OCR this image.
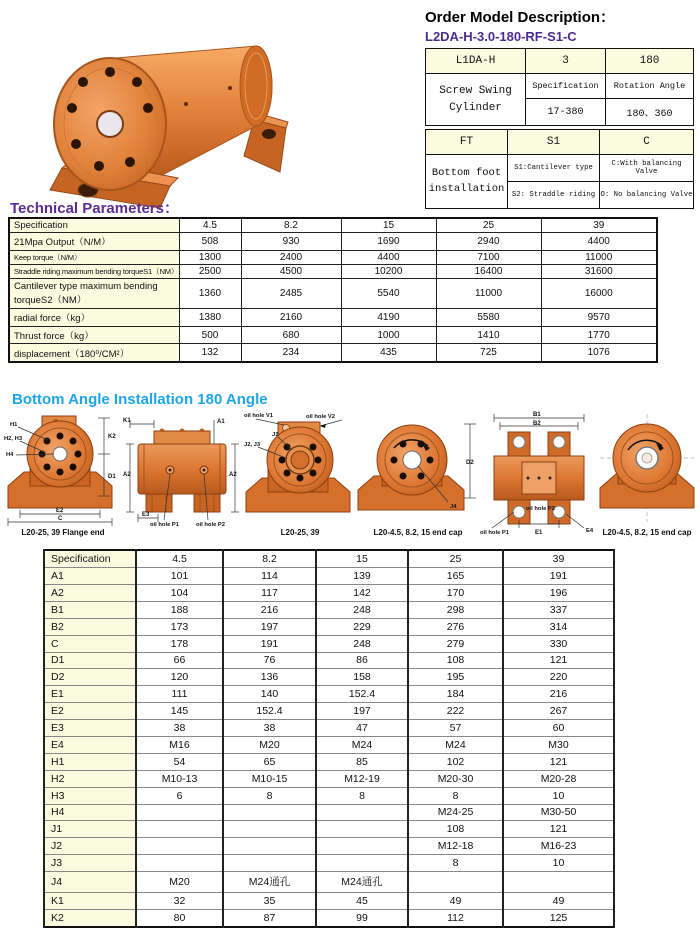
Order Model Description：
L2DA-H-3.0-180-RF-S1-C
L1DA-H	3	180
Screw Swing Cylinder	Specification	Rotation Angle
	17-380	180、360
FT	S1	C
Bottom foot installation	S1:Cantilever type	C:With balancing Valve
	S2: Straddle riding	O: No balancing Valve
Technical Parameters：
Specification	4.5	8.2	15	25	39
21Mpa Output（N/M）	508	930	1690	2940	4400
Keep torque（N/M）	1300	2400	4400	7100	11000
Straddle riding maximum bending torqueS1（NM）	2500	4500	10200	16400	31600
Cantilever type maximum bending torqueS2（NM）	1360	2485	5540	11000	16000
radial force（kg）	1380	2160	4190	5580	9570
Thrust force（kg）	500	680	1000	1410	1770
displacement（180⁰/CM²）	132	234	435	725	1076
Bottom Angle Installation 180 Angle
K2
D1
E2
C
H1
H2, H3
H4
L20-25, 39 Flange end
K1	A1
A2	A2
E3
oil hole P1	oil hole P2
oil hole V1	oil hole V2
J1
J2, J3
L20-25, 39
J4
D2
L20-4.5, 8.2, 15 end cap
B1
B2
oil hole P1
oil hole P2
E1	E4 L20-4.5, 8.2, 15 end cap
Specification	4.5	8.2	15	25	39
A1	101	114	139	165	191
A2	104	117	142	170	196
B1	188	216	248	298	337
B2	173	197	229	276	314
C	178	191	248	279	330
D1	66	76	86	108	121
D2	120	136	158	195	220
E1	111	140	152.4	184	216
E2	145	152.4	197	222	267
E3	38	38	47	57	60
E4	M16	M20	M24	M24	M30
H1	54	65	85	102	121
H2	M10-13	M10-15	M12-19	M20-30	M20-28
H3	6	8	8	8	10
H4				M24-25	M30-50
J1				108	121
J2				M12-18	M16-23
J3				8	10
J4	M20	M24通孔	M24通孔		
K1	32	35	45	49	49
K2	80	87	99	112	125
